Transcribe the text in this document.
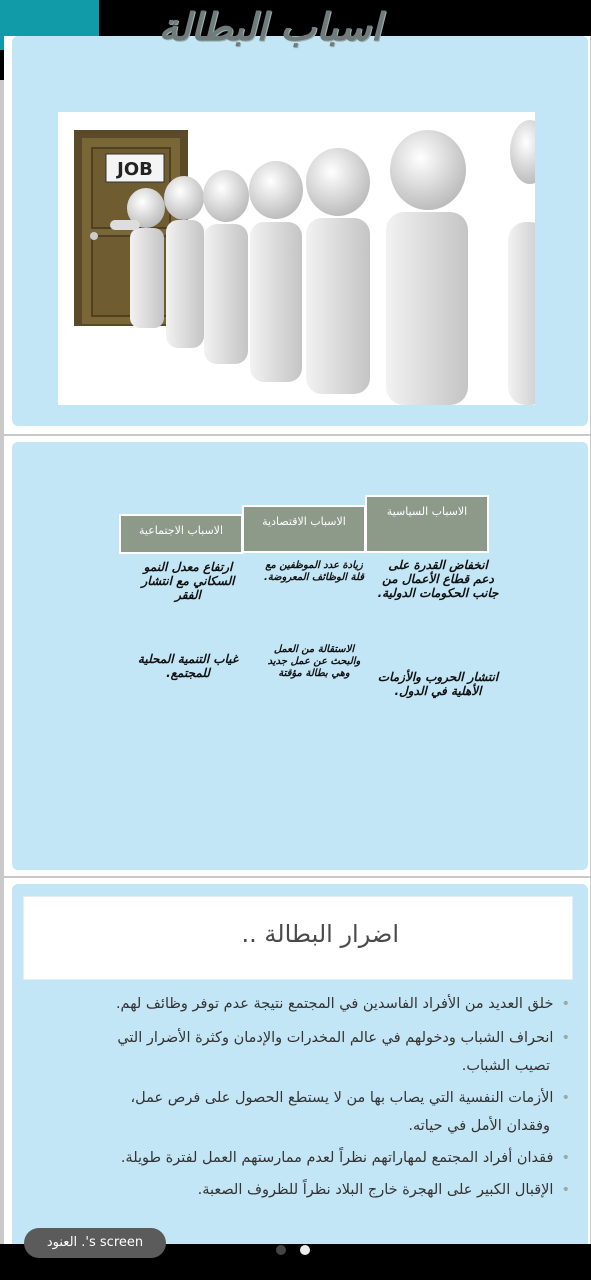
اسباب البطالة
JOB
الاسباب السياسية
الاسباب الاقتصادية
الاسباب الاجتماعية
انخفاض القدرة على دعم قطاع الأعمال من جانب الحكومات الدولية.
انتشار الحروب والأزمات الأهلية في الدول.
زيادة عدد الموظفين مع قلة الوظائف المعروضة.
الاستقالة من العمل والبحث عن عمل جديد وهي بطالة مؤقتة
ارتفاع معدل النمو السكاني مع انتشار الفقر
غياب التنمية المحلية للمجتمع.
اضرار البطالة ..
•خلق العديد من الأفراد الفاسدين في المجتمع نتيجة عدم توفر وظائف لهم.
•انحراف الشباب ودخولهم في عالم المخدرات والإدمان وكثرة الأضرار التي
تصيب الشباب.
•الأزمات النفسية التي يصاب بها من لا يستطع الحصول على فرص عمل،
وفقدان الأمل في حياته.
•فقدان أفراد المجتمع لمهاراتهم نظراً لعدم ممارستهم العمل لفترة طويلة.
•الإقبال الكبير على الهجرة خارج البلاد نظراً للظروف الصعبة.
العنود .'s screen
